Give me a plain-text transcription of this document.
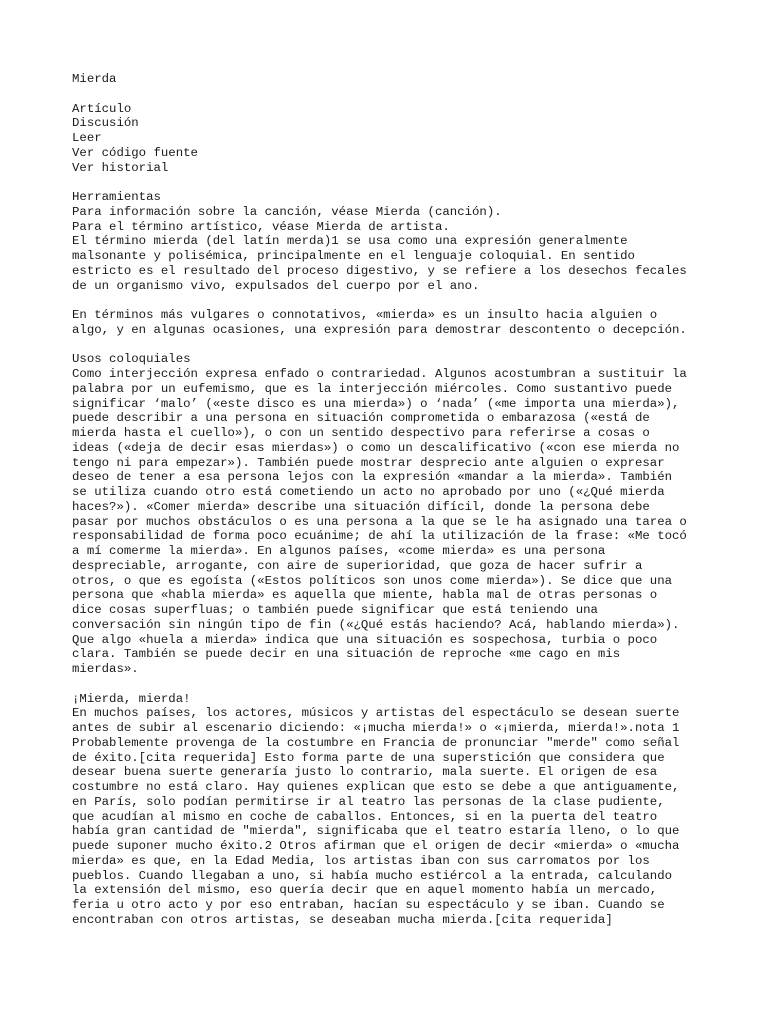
Mierda
Artículo
Discusión
Leer
Ver código fuente
Ver historial
Herramientas
Para información sobre la canción, véase Mierda (canción).
Para el término artístico, véase Mierda de artista.
El término mierda (del latín merda)1 se usa como una expresión generalmente
malsonante y polisémica, principalmente en el lenguaje coloquial. En sentido
estricto es el resultado del proceso digestivo, y se refiere a los desechos fecales
de un organismo vivo, expulsados del cuerpo por el ano.
En términos más vulgares o connotativos, «mierda» es un insulto hacia alguien o
algo, y en algunas ocasiones, una expresión para demostrar descontento o decepción.
Usos coloquiales
Como interjección expresa enfado o contrariedad. Algunos acostumbran a sustituir la
palabra por un eufemismo, que es la interjección miércoles. Como sustantivo puede
significar ‘malo’ («este disco es una mierda») o ‘nada’ («me importa una mierda»),
puede describir a una persona en situación comprometida o embarazosa («está de
mierda hasta el cuello»), o con un sentido despectivo para referirse a cosas o
ideas («deja de decir esas mierdas») o como un descalificativo («con ese mierda no
tengo ni para empezar»). También puede mostrar desprecio ante alguien o expresar
deseo de tener a esa persona lejos con la expresión «mandar a la mierda». También
se utiliza cuando otro está cometiendo un acto no aprobado por uno («¿Qué mierda
haces?»). «Comer mierda» describe una situación difícil, donde la persona debe
pasar por muchos obstáculos o es una persona a la que se le ha asignado una tarea o
responsabilidad de forma poco ecuánime; de ahí la utilización de la frase: «Me tocó
a mí comerme la mierda». En algunos países, «come mierda» es una persona
despreciable, arrogante, con aire de superioridad, que goza de hacer sufrir a
otros, o que es egoísta («Estos políticos son unos come mierda»). Se dice que una
persona que «habla mierda» es aquella que miente, habla mal de otras personas o
dice cosas superfluas; o también puede significar que está teniendo una
conversación sin ningún tipo de fin («¿Qué estás haciendo? Acá, hablando mierda»).
Que algo «huela a mierda» indica que una situación es sospechosa, turbia o poco
clara. También se puede decir en una situación de reproche «me cago en mis
mierdas».
¡Mierda, mierda!
En muchos países, los actores, músicos y artistas del espectáculo se desean suerte
antes de subir al escenario diciendo: «¡mucha mierda!» o «¡mierda, mierda!».nota 1
Probablemente provenga de la costumbre en Francia de pronunciar "merde" como señal
de éxito.[cita requerida] Esto forma parte de una superstición que considera que
desear buena suerte generaría justo lo contrario, mala suerte. El origen de esa
costumbre no está claro. Hay quienes explican que esto se debe a que antiguamente,
en París, solo podían permitirse ir al teatro las personas de la clase pudiente,
que acudían al mismo en coche de caballos. Entonces, si en la puerta del teatro
había gran cantidad de "mierda", significaba que el teatro estaría lleno, o lo que
puede suponer mucho éxito.2 Otros afirman que el origen de decir «mierda» o «mucha
mierda» es que, en la Edad Media, los artistas iban con sus carromatos por los
pueblos. Cuando llegaban a uno, si había mucho estiércol a la entrada, calculando
la extensión del mismo, eso quería decir que en aquel momento había un mercado,
feria u otro acto y por eso entraban, hacían su espectáculo y se iban. Cuando se
encontraban con otros artistas, se deseaban mucha mierda.[cita requerida]
